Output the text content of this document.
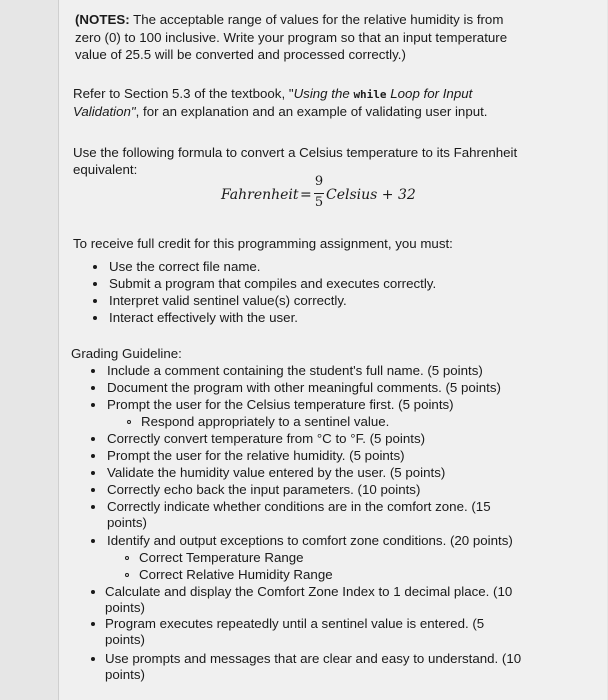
(NOTES: The acceptable range of values for the relative humidity is from
zero (0) to 100 inclusive. Write your program so that an input temperature
value of 25.5 will be converted and processed correctly.)
Refer to Section 5.3 of the textbook, "Using the while Loop for Input
Validation", for an explanation and an example of validating user input.
Use the following formula to convert a Celsius temperature to its Fahrenheit
equivalent:
Fahrenheit =
9
5 Celsius + 32
To receive full credit for this programming assignment, you must:
Use the correct file name.
Submit a program that compiles and executes correctly.
Interpret valid sentinel value(s) correctly.
Interact effectively with the user.
Grading Guideline:
Include a comment containing the student's full name. (5 points)
Document the program with other meaningful comments. (5 points)
Prompt the user for the Celsius temperature first. (5 points)
Respond appropriately to a sentinel value.
Correctly convert temperature from °C to °F. (5 points)
Prompt the user for the relative humidity. (5 points)
Validate the humidity value entered by the user. (5 points)
Correctly echo back the input parameters. (10 points)
Correctly indicate whether conditions are in the comfort zone. (15
points)
Identify and output exceptions to comfort zone conditions. (20 points)
Correct Temperature Range
Correct Relative Humidity Range
Calculate and display the Comfort Zone Index to 1 decimal place. (10
points)
Program executes repeatedly until a sentinel value is entered. (5
points)
Use prompts and messages that are clear and easy to understand. (10
points)
